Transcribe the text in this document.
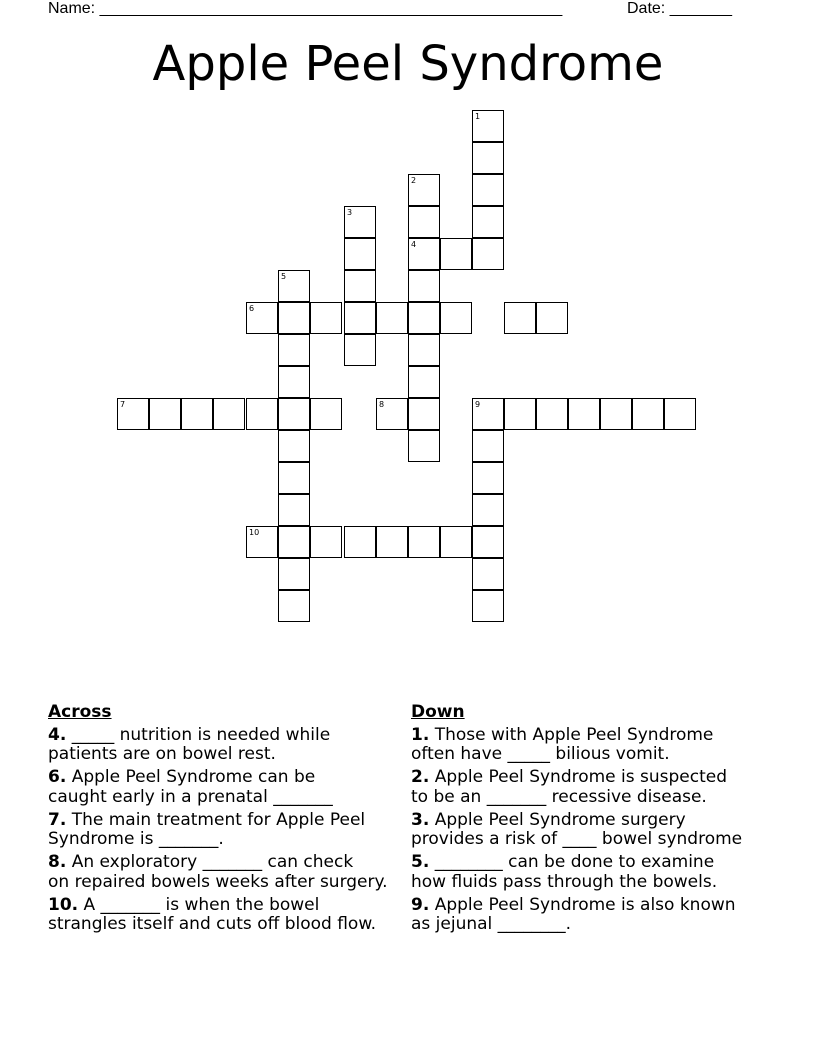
Name: ____________________________________________________	Date: _______
Apple Peel Syndrome
1
2
3
4
5
6
7	8	9
10
Across
4. _____ nutrition is needed while
patients are on bowel rest.
6. Apple Peel Syndrome can be
caught early in a prenatal _______
7. The main treatment for Apple Peel
Syndrome is _______.
8. An exploratory _______ can check
on repaired bowels weeks after surgery.
10. A _______ is when the bowel
strangles itself and cuts off blood flow.
Down
1. Those with Apple Peel Syndrome
often have _____ bilious vomit.
2. Apple Peel Syndrome is suspected
to be an _______ recessive disease.
3. Apple Peel Syndrome surgery
provides a risk of ____ bowel syndrome
5. ________ can be done to examine
how fluids pass through the bowels.
9. Apple Peel Syndrome is also known
as jejunal ________.
